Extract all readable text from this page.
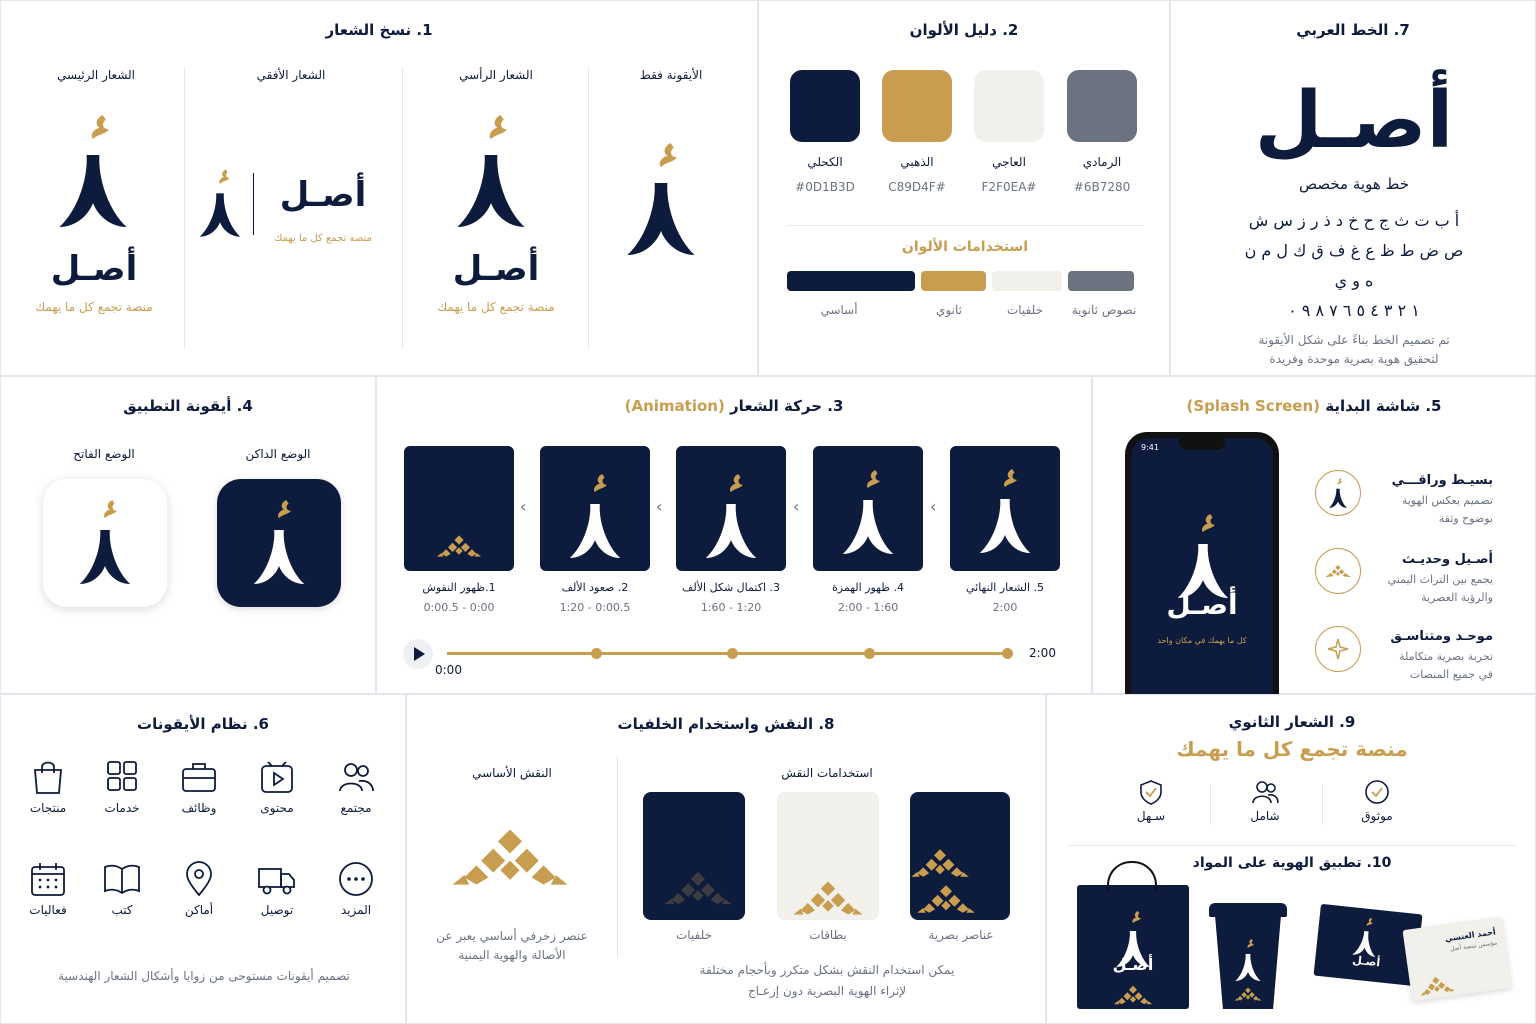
1. نسخ الشعار
الأيقونة فقط
الشعار الرأسي
أصـل
منصة تجمع كل ما يهمك
الشعار الأفقي
أصـل
منصة تجمع كل ما يهمك
الشعار الرئيسي
أصـل
منصة تجمع كل ما يهمك
2. دليل الألوان
الكحلي
#0D1B3D
الذهبي
#C89D4F
العاجي
#F2F0EA
الرمادي
#6B7280
استخدامات الألوان
أساسي	ثانوي	خلفيات	نصوص ثانوية
7. الخط العربي
أصـل
خط هوية مخصص
أ ب ت ث ج ح خ د ذ ر ز س ش
ص ض ط ظ ع غ ف ق ك ل م ن
ه و ي
١ ٢ ٣ ٤ ٥ ٦ ٧ ٨ ٩ ٠
تم تصميم الخط بناءً على شكل الأيقونة
لتحقيق هوية بصرية موحدة وفريدة
4. أيقونة التطبيق
الوضع الداكن
الوضع الفاتح
3. حركة الشعار (Animation)
›	›	›	›
1.ظهور النقوش
0:00 - 0:00.5
2. صعود الألف
0:00.5 - 1:20
3. اكتمال شكل الألف
1:20 - 1:60
4. ظهور الهمزة
1:60 - 2:00
5. الشعار النهائي
2:00
0:00
2:00
5. شاشة البداية (Splash Screen)
9:41
أصـل
كل ما يهمك في مكان واحد
بسيـط وراقـــي
تصميم يعكس الهوية
بوضوح وثقة
أصـيل وحديـث
يجمع بين التراث اليمني
والرؤية العصرية
موحـد ومتناسـق
تجربة بصرية متكاملة
في جميع المنصات
6. نظام الأيقونات
مجتمع
محتوى
وظائف
خدمات
منتجات
المزيد
توصيل
أماكن
كتب
فعاليات
تصميم أيقونات مستوحى من زوايا وأشكال الشعار الهندسية
8. النقش واستخدام الخلفيات
النقش الأساسي
عنصر زخرفي أساسي يعبر عن
الأصالة والهوية اليمنية
استخدامات النقش
خلفيات	بطاقات	عناصر بصرية
يمكن استخدام النقش بشكل متكرر وبأحجام مختلفة
لإثراء الهوية البصرية دون إزعـاج
9. الشعار الثانوي
منصة تجمع كل ما يهمك
موثوق
شامل
سـهل
10. تطبيق الهوية على المواد
أصـل	أصـل
أحمد العنسي
مؤسس منصة أصل
